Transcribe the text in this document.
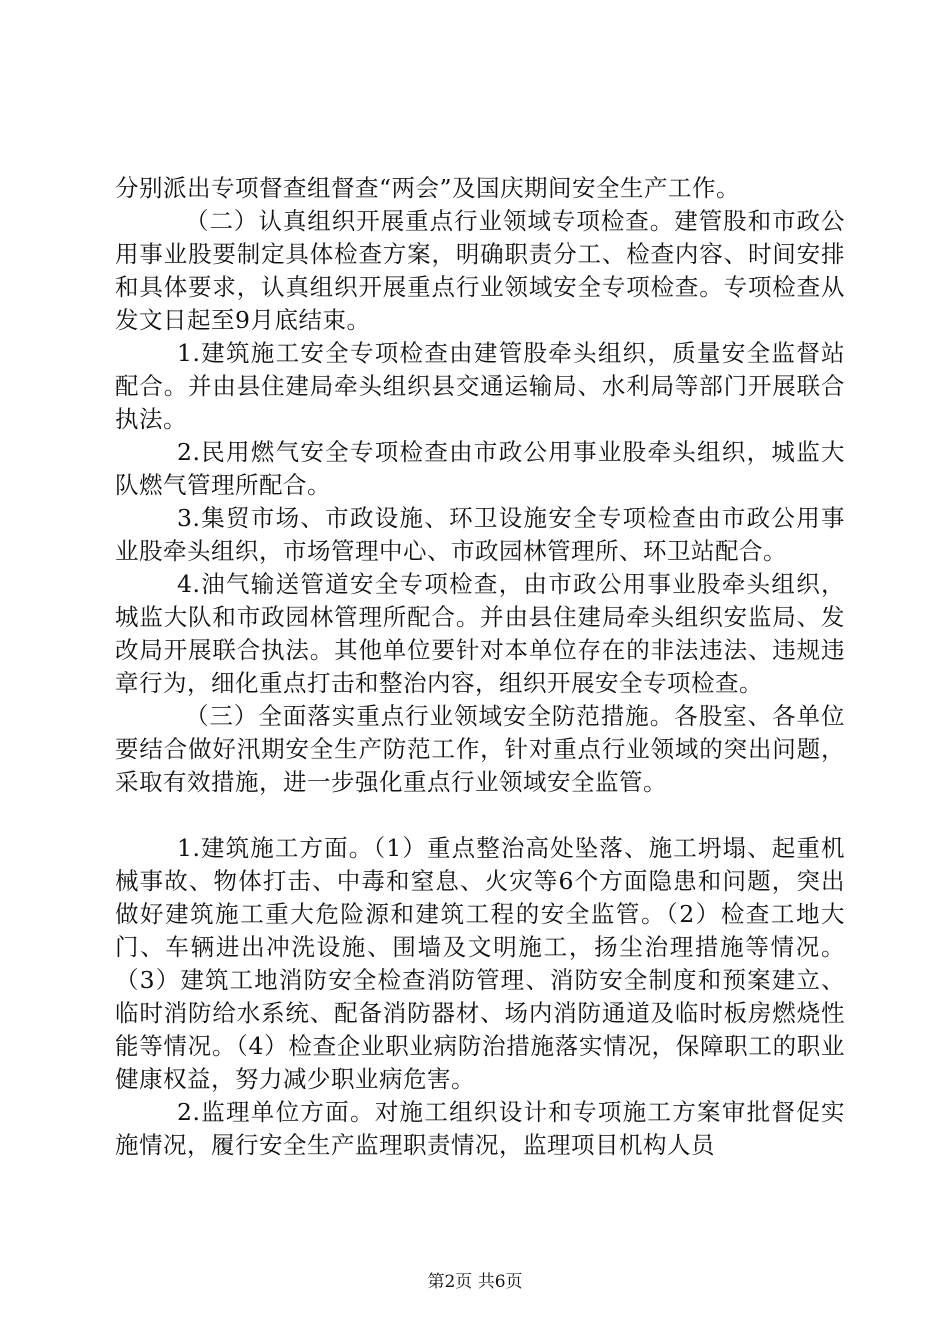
分别派出专项督查组督查“两会”及国庆期间安全生产工作。

（二）认真组织开展重点行业领域专项检查。建管股和市政公用事业股要制定具体检查方案，明确职责分工、检查内容、时间安排和具体要求，认真组织开展重点行业领域安全专项检查。专项检查从发文日起至9月底结束。

1.建筑施工安全专项检查由建管股牵头组织，质量安全监督站配合。并由县住建局牵头组织县交通运输局、水利局等部门开展联合执法。

2.民用燃气安全专项检查由市政公用事业股牵头组织，城监大队燃气管理所配合。

3.集贸市场、市政设施、环卫设施安全专项检查由市政公用事业股牵头组织，市场管理中心、市政园林管理所、环卫站配合。

4.油气输送管道安全专项检查，由市政公用事业股牵头组织，城监大队和市政园林管理所配合。并由县住建局牵头组织安监局、发改局开展联合执法。其他单位要针对本单位存在的非法违法、违规违章行为，细化重点打击和整治内容，组织开展安全专项检查。

（三）全面落实重点行业领域安全防范措施。各股室、各单位要结合做好汛期安全生产防范工作，针对重点行业领域的突出问题，采取有效措施，进一步强化重点行业领域安全监管。

1.建筑施工方面。（1）重点整治高处坠落、施工坍塌、起重机械事故、物体打击、中毒和窒息、火灾等6个方面隐患和问题，突出做好建筑施工重大危险源和建筑工程的安全监管。（2）检查工地大门、车辆进出冲洗设施、围墙及文明施工，扬尘治理措施等情况。（3）建筑工地消防安全检查消防管理、消防安全制度和预案建立、临时消防给水系统、配备消防器材、场内消防通道及临时板房燃烧性能等情况。（4）检查企业职业病防治措施落实情况，保障职工的职业健康权益，努力减少职业病危害。

2.监理单位方面。对施工组织设计和专项施工方案审批督促实施情况，履行安全生产监理职责情况，监理项目机构人员

第2页 共6页
